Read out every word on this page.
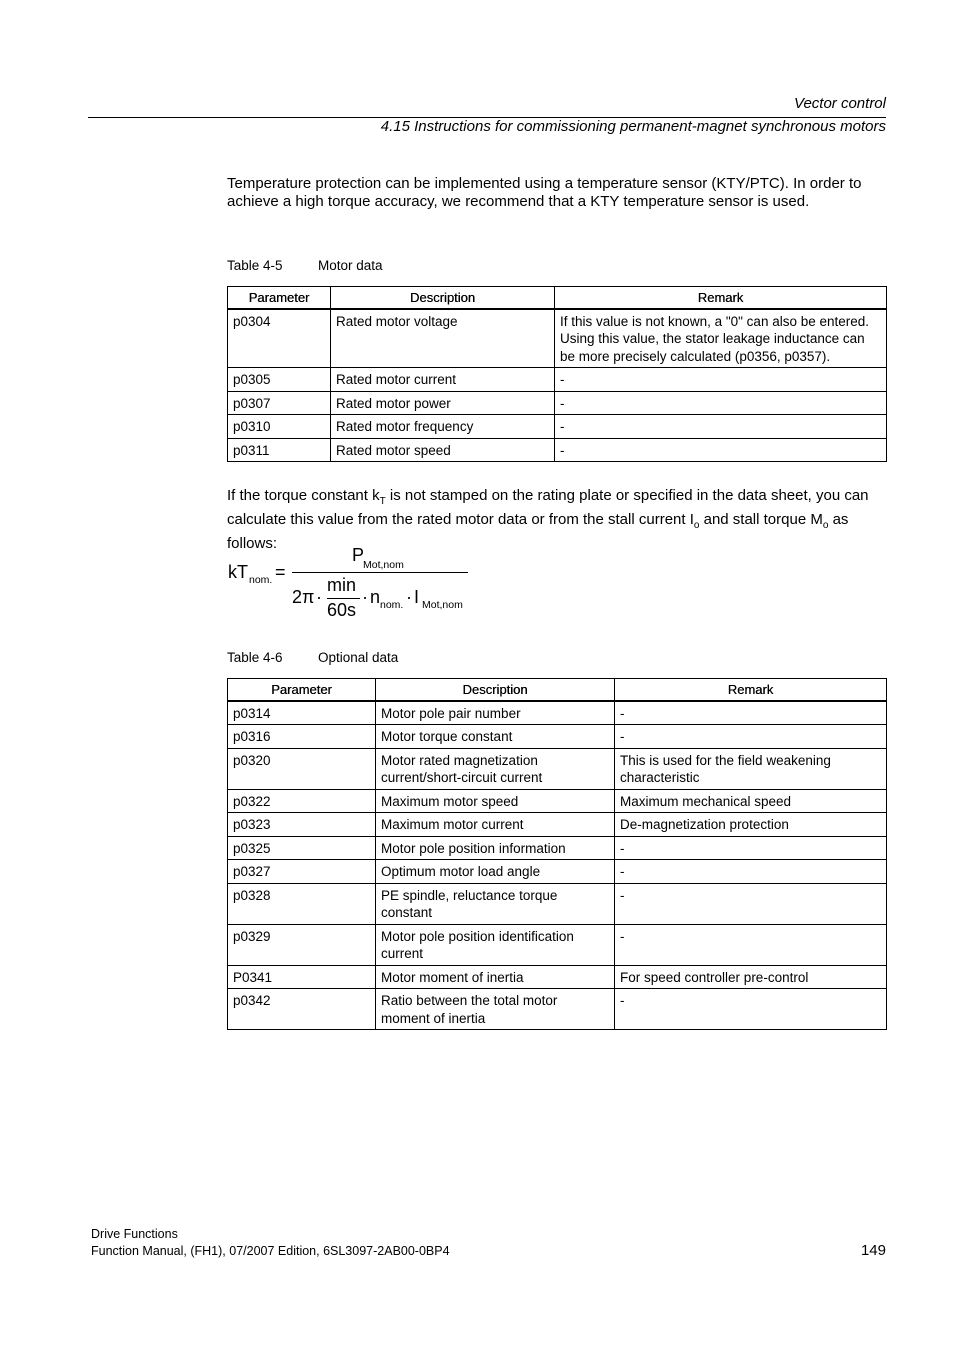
Vector control
4.15 Instructions for commissioning permanent-magnet synchronous motors
Temperature protection can be implemented using a temperature sensor (KTY/PTC). In order to achieve a high torque accuracy, we recommend that a KTY temperature sensor is used.
Table 4-5	Motor data
Parameter	Description	Remark
p0304	Rated motor voltage	If this value is not known, a "0" can also be entered. Using this value, the stator leakage inductance can be more precisely calculated (p0356, p0357).
p0305	Rated motor current	-
p0307	Rated motor power	-
p0310	Rated motor frequency	-
p0311	Rated motor speed	-
If the torque constant $k_T$ is not stamped on the rating plate or specified in the data sheet, you can calculate this value from the rated motor data or from the stall current $I_o$ and stall torque $M_o$ as follows:
kT nom. =
P
Mot,nom
2π ·
min
60s
· n nom. · I Mot,nom
Table 4-6	Optional data
Parameter	Description	Remark
p0314	Motor pole pair number	-
p0316	Motor torque constant	-
p0320	Motor rated magnetization current/short-circuit current	This is used for the field weakening characteristic
p0322	Maximum motor speed	Maximum mechanical speed
p0323	Maximum motor current	De-magnetization protection
p0325	Motor pole position information	-
p0327	Optimum motor load angle	-
p0328	PE spindle, reluctance torque constant	-
p0329	Motor pole position identification current	-
P0341	Motor moment of inertia	For speed controller pre-control
p0342	Ratio between the total motor moment of inertia	-
Drive Functions
Function Manual, (FH1), 07/2007 Edition, 6SL3097-2AB00-0BP4	149
